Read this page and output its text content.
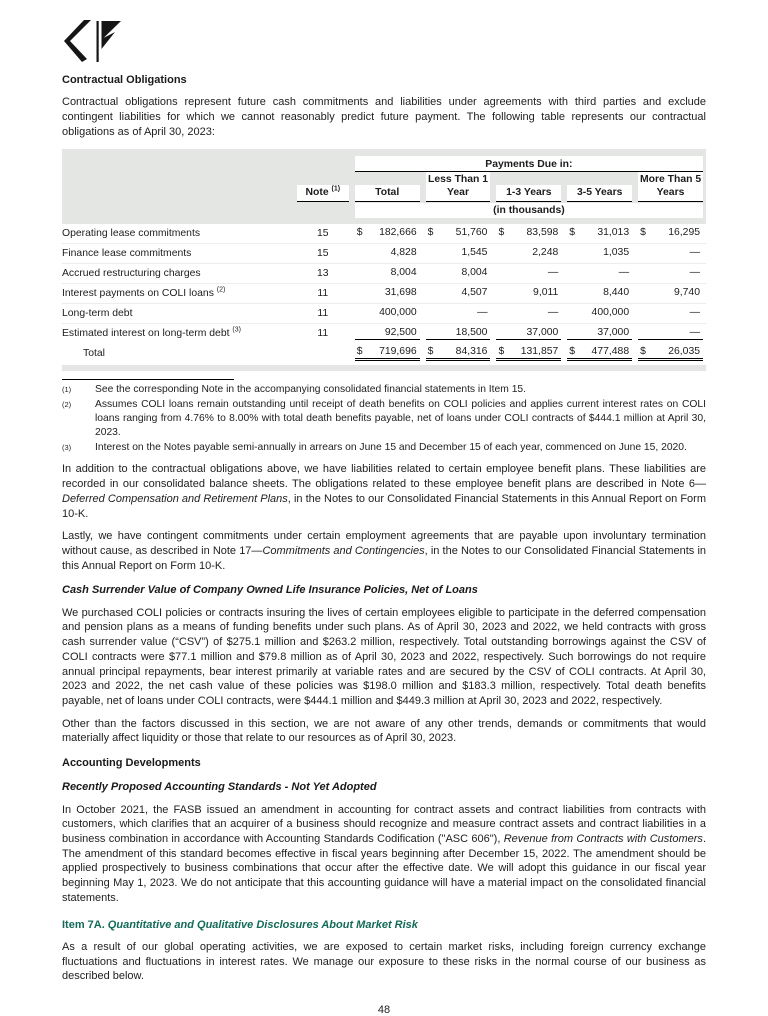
Contractual Obligations

Contractual obligations represent future cash commitments and liabilities under agreements with third parties and exclude contingent liabilities for which we cannot reasonably predict future payment. The following table represents our contractual obligations as of April 30, 2023:

		Payments Due in:				

	Note $^{(1)}$	Total	Less Than 1 Year	1-3 Years	3-5 Years	More Than 5 Years

		(in thousands)				

Operating lease commitments	15	$ 182,666	$ 51,760	$ 83,598	$ 31,013	$ 16,295

Finance lease commitments	15	4,828	1,545	2,248	1,035	—

Accrued restructuring charges	13	8,004	8,004	—	—	—

Interest payments on COLI loans $^{(2)}$	11	31,698	4,507	9,011	8,440	9,740

Long-term debt	11	400,000	—	—	400,000	—

Estimated interest on long-term debt $^{(3)}$	11	92,500	18,500	37,000	37,000	—

Total		$ 719,696	$ 84,316	$ 131,857	$ 477,488	$ 26,035
(1)	See the corresponding Note in the accompanying consolidated financial statements in Item 15.
(2)	Assumes COLI loans remain outstanding until receipt of death benefits on COLI policies and applies current interest rates on COLI loans ranging from 4.76% to 8.00% with total death benefits payable, net of loans under COLI contracts of $444.1 million at April 30, 2023.
(3)	Interest on the Notes payable semi-annually in arrears on June 15 and December 15 of each year, commenced on June 15, 2020.

In addition to the contractual obligations above, we have liabilities related to certain employee benefit plans. These liabilities are recorded in our consolidated balance sheets. The obligations related to these employee benefit plans are described in Note 6—Deferred Compensation and Retirement Plans, in the Notes to our Consolidated Financial Statements in this Annual Report on Form 10-K.

Lastly, we have contingent commitments under certain employment agreements that are payable upon involuntary termination without cause, as described in Note 17—Commitments and Contingencies, in the Notes to our Consolidated Financial Statements in this Annual Report on Form 10-K.

Cash Surrender Value of Company Owned Life Insurance Policies, Net of Loans

We purchased COLI policies or contracts insuring the lives of certain employees eligible to participate in the deferred compensation and pension plans as a means of funding benefits under such plans. As of April 30, 2023 and 2022, we held contracts with gross cash surrender value (“CSV”) of $275.1 million and $263.2 million, respectively. Total outstanding borrowings against the CSV of COLI contracts were $77.1 million and $79.8 million as of April 30, 2023 and 2022, respectively. Such borrowings do not require annual principal repayments, bear interest primarily at variable rates and are secured by the CSV of COLI contracts. At April 30, 2023 and 2022, the net cash value of these policies was $198.0 million and $183.3 million, respectively. Total death benefits payable, net of loans under COLI contracts, were $444.1 million and $449.3 million at April 30, 2023 and 2022, respectively.

Other than the factors discussed in this section, we are not aware of any other trends, demands or commitments that would materially affect liquidity or those that relate to our resources as of April 30, 2023.

Accounting Developments
Recently Proposed Accounting Standards - Not Yet Adopted

In October 2021, the FASB issued an amendment in accounting for contract assets and contract liabilities from contracts with customers, which clarifies that an acquirer of a business should recognize and measure contract assets and contract liabilities in a business combination in accordance with Accounting Standards Codification ("ASC 606"), Revenue from Contracts with Customers. The amendment of this standard becomes effective in fiscal years beginning after December 15, 2022. The amendment should be applied prospectively to business combinations that occur after the effective date. We will adopt this guidance in our fiscal year beginning May 1, 2023. We do not anticipate that this accounting guidance will have a material impact on the consolidated financial statements.

Item 7A. Quantitative and Qualitative Disclosures About Market Risk

As a result of our global operating activities, we are exposed to certain market risks, including foreign currency exchange fluctuations and fluctuations in interest rates. We manage our exposure to these risks in the normal course of our business as described below.

48
